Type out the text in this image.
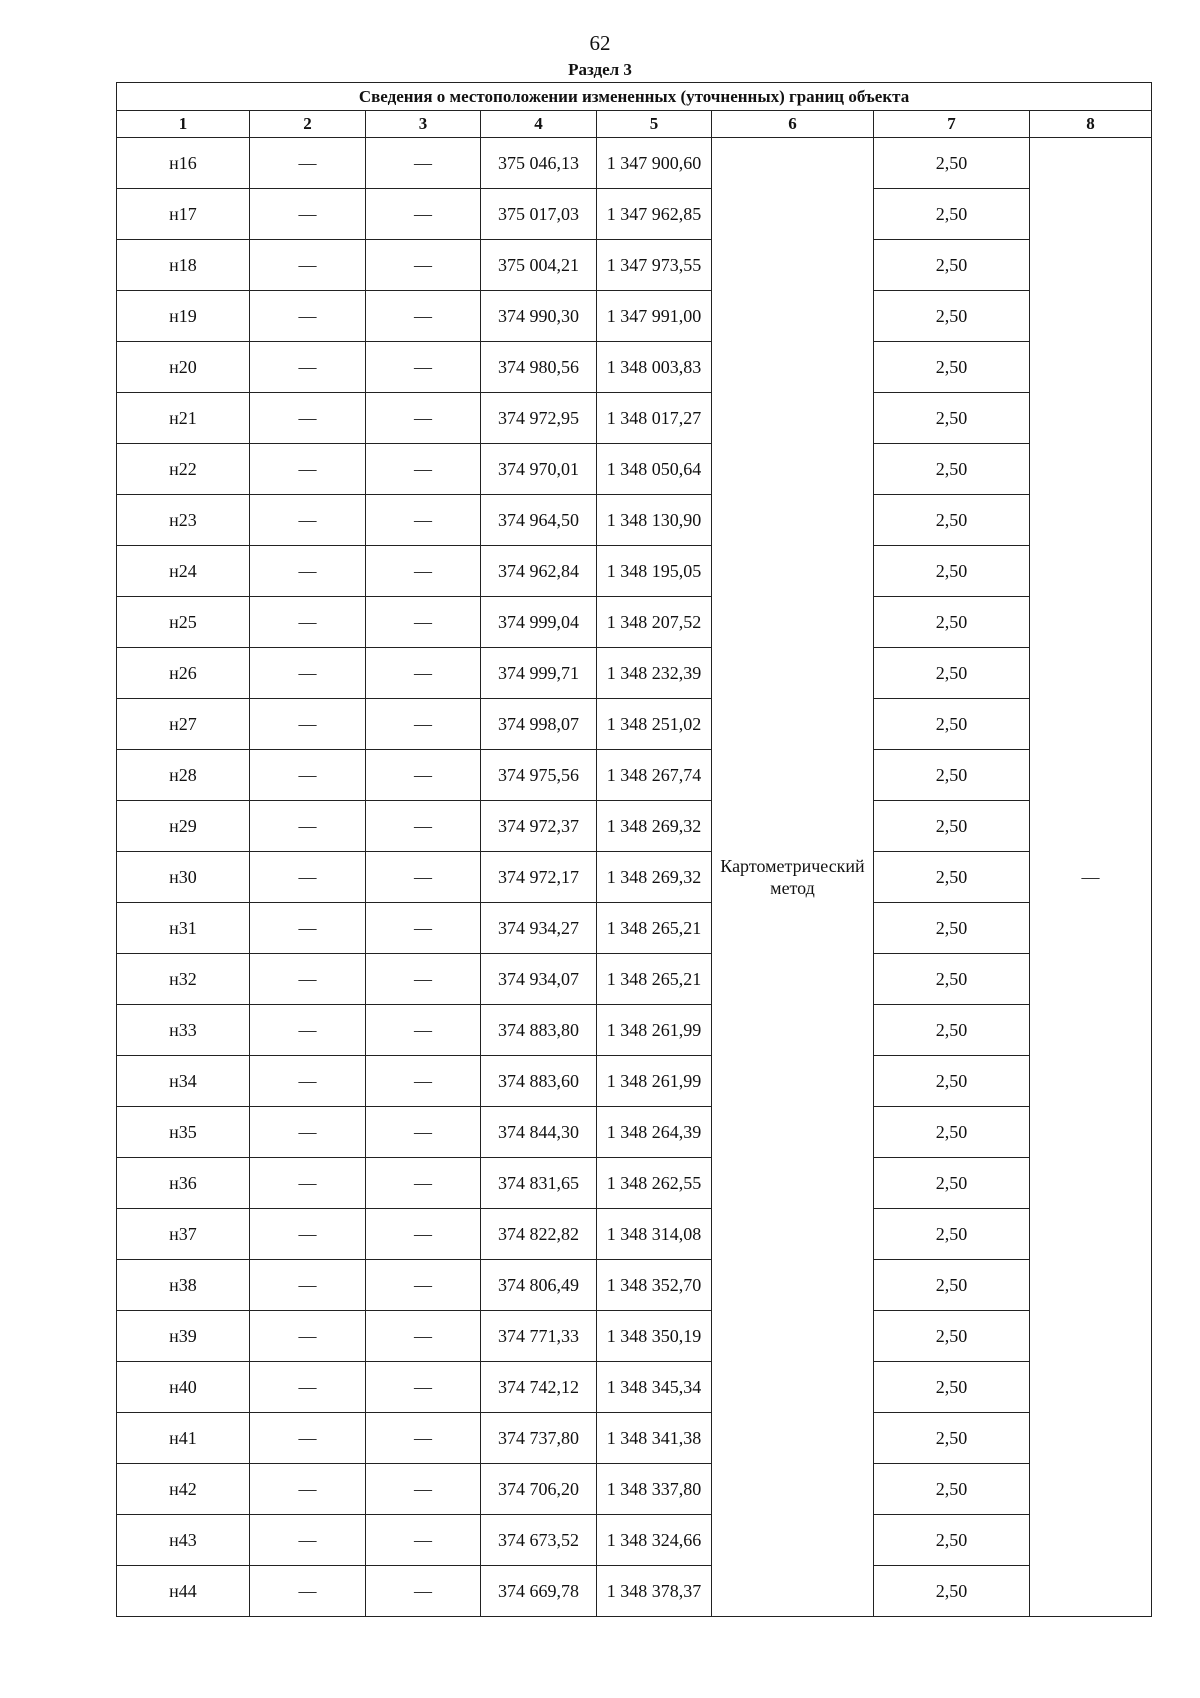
62
Раздел 3
Сведения о местоположении измененных (уточненных) границ объекта							
1	2	3	4	5	6	7	8
н16	—	—	375 046,13	1 347 900,60	Картометрический метод	2,50	—
н17	—	—	375 017,03	1 347 962,85		2,50	
н18	—	—	375 004,21	1 347 973,55		2,50	
н19	—	—	374 990,30	1 347 991,00		2,50	
н20	—	—	374 980,56	1 348 003,83		2,50	
н21	—	—	374 972,95	1 348 017,27		2,50	
н22	—	—	374 970,01	1 348 050,64		2,50	
н23	—	—	374 964,50	1 348 130,90		2,50	
н24	—	—	374 962,84	1 348 195,05		2,50	
н25	—	—	374 999,04	1 348 207,52		2,50	
н26	—	—	374 999,71	1 348 232,39		2,50	
н27	—	—	374 998,07	1 348 251,02		2,50	
н28	—	—	374 975,56	1 348 267,74		2,50	
н29	—	—	374 972,37	1 348 269,32		2,50	
н30	—	—	374 972,17	1 348 269,32		2,50	
н31	—	—	374 934,27	1 348 265,21		2,50	
н32	—	—	374 934,07	1 348 265,21		2,50	
н33	—	—	374 883,80	1 348 261,99		2,50	
н34	—	—	374 883,60	1 348 261,99		2,50	
н35	—	—	374 844,30	1 348 264,39		2,50	
н36	—	—	374 831,65	1 348 262,55		2,50	
н37	—	—	374 822,82	1 348 314,08		2,50	
н38	—	—	374 806,49	1 348 352,70		2,50	
н39	—	—	374 771,33	1 348 350,19		2,50	
н40	—	—	374 742,12	1 348 345,34		2,50	
н41	—	—	374 737,80	1 348 341,38		2,50	
н42	—	—	374 706,20	1 348 337,80		2,50	
н43	—	—	374 673,52	1 348 324,66		2,50	
н44	—	—	374 669,78	1 348 378,37		2,50	
